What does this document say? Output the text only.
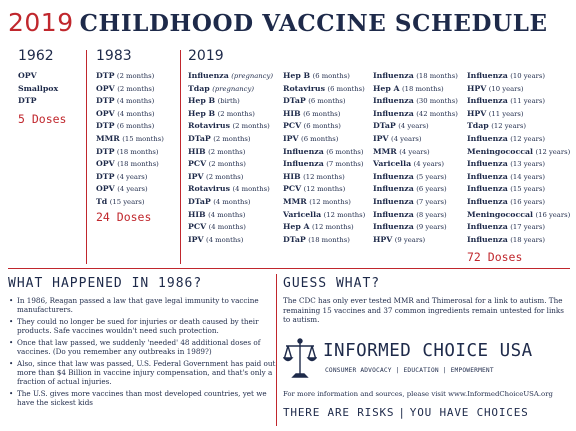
2019 CHILDHOOD VACCINE SCHEDULE
1962
OPV
Smallpox
DTP
5 Doses
1983
DTP (2 months)
OPV (2 months)
DTP (4 months)
OPV (4 months)
DTP (6 months)
MMR (15 months)
DTP (18 months)
OPV (18 months)
DTP (4 years)
OPV (4 years)
Td (15 years)
24 Doses
2019
Influenza (pregnancy)
Tdap (pregnancy)
Hep B (birth)
Hep B (2 months)
Rotavirus (2 months)
DTaP (2 months)
HIB (2 months)
PCV (2 months)
IPV (2 months)
Rotavirus (4 months)
DTaP (4 months)
HIB (4 months)
PCV (4 months)
IPV (4 months)
Hep B (6 months)
Rotavirus (6 months)
DTaP (6 months)
HIB (6 months)
PCV (6 months)
IPV (6 months)
Influenza (6 months)
Influenza (7 months)
HIB (12 months)
PCV (12 months)
MMR (12 months)
Varicella (12 months)
Hep A (12 months)
DTaP (18 months)
Influenza (18 months)
Hep A (18 months)
Influenza (30 months)
Influenza (42 months)
DTaP (4 years)
IPV (4 years)
MMR (4 years)
Varicella (4 years)
Influenza (5 years)
Influenza (6 years)
Influenza (7 years)
Influenza (8 years)
Influenza (9 years)
HPV (9 years)
Influenza (10 years)
HPV (10 years)
Influenza (11 years)
HPV (11 years)
Tdap (12 years)
Influenza (12 years)
Meningococcal (12 years)
Influenza (13 years)
Influenza (14 years)
Influenza (15 years)
Influenza (16 years)
Meningococcal (16 years)
Influenza (17 years)
Influenza (18 years)
72 Doses
WHAT HAPPENED IN 1986?
• In 1986, Reagan passed a law that gave legal immunity to vaccine manufacturers.
• They could no longer be sued for injuries or death caused by their products. Safe vaccines wouldn't need such protection.
• Once that law passed, we suddenly 'needed' 48 additional doses of vaccines. (Do you remember any outbreaks in 1989?)
• Also, since that law was passed, U.S. Federal Government has paid out more than $4 Billion in vaccine injury compensation, and that's only a fraction of actual injuries.
• The U.S. gives more vaccines than most developed countries, yet we have the sickest kids
GUESS WHAT?
The CDC has only ever tested MMR and Thimerosal for a link to autism. The remaining 15 vaccines and 37 common ingredients remain untested for links to autism.
INFORMED CHOICE USA
CONSUMER ADVOCACY | EDUCATION | EMPOWERMENT
For more information and sources, please visit www.InformedChoiceUSA.org
THERE ARE RISKS | YOU HAVE CHOICES
